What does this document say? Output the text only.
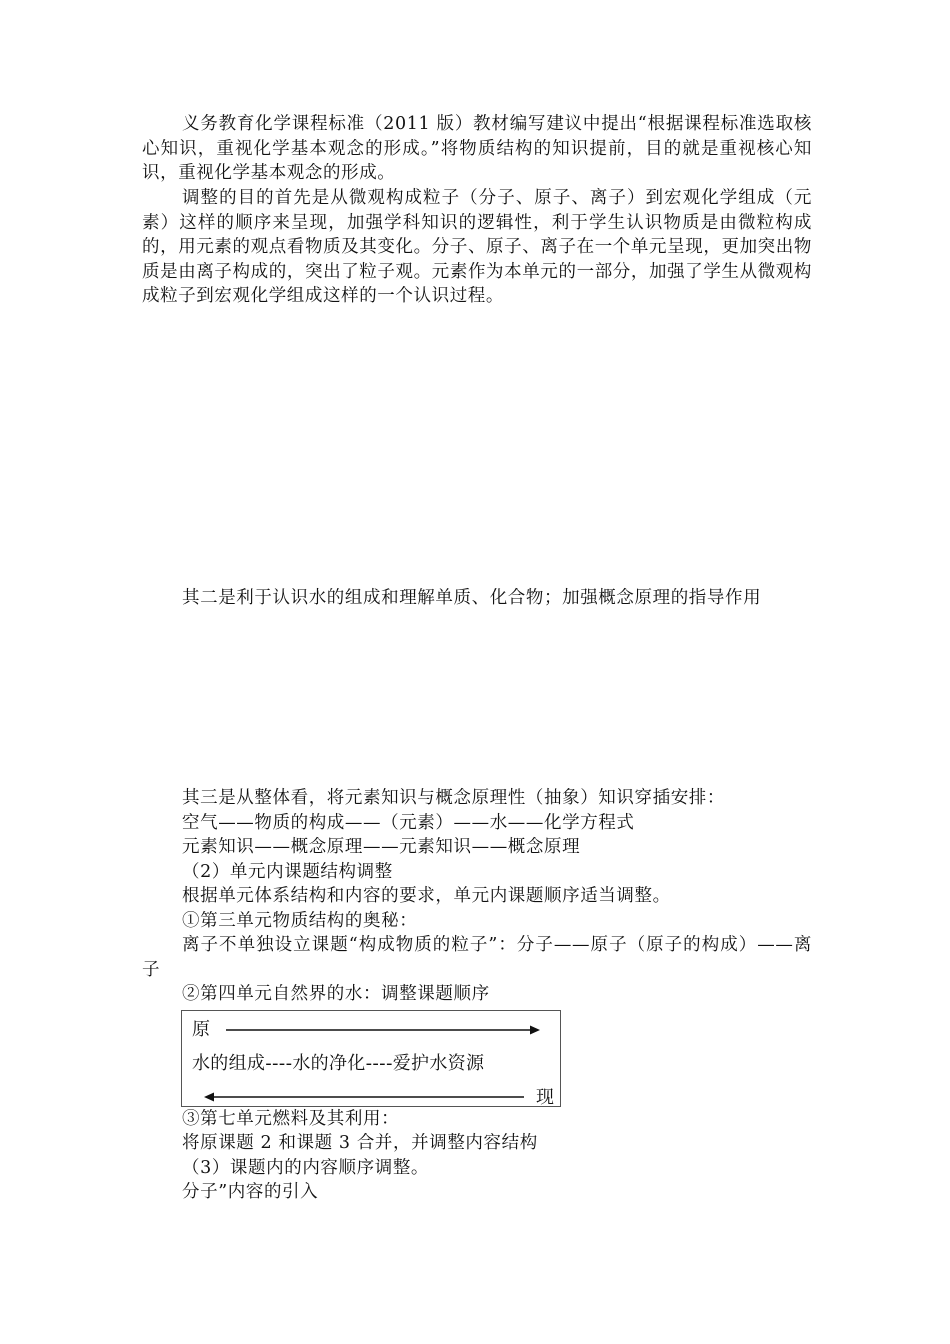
义务教育化学课程标准（2011 版）教材编写建议中提出“根据课程标准选取核心知识，重视化学基本观念的形成。”将物质结构的知识提前，目的就是重视核心知识，重视化学基本观念的形成。

调整的目的首先是从微观构成粒子（分子、原子、离子）到宏观化学组成（元素）这样的顺序来呈现，加强学科知识的逻辑性，利于学生认识物质是由微粒构成的，用元素的观点看物质及其变化。分子、原子、离子在一个单元呈现，更加突出物质是由离子构成的，突出了粒子观。元素作为本单元的一部分，加强了学生从微观构成粒子到宏观化学组成这样的一个认识过程。

其二是利于认识水的组成和理解单质、化合物；加强概念原理的指导作用

其三是从整体看，将元素知识与概念原理性（抽象）知识穿插安排：

空气——物质的构成——（元素）——水——化学方程式

元素知识——概念原理——元素知识——概念原理

（2）单元内课题结构调整

根据单元体系结构和内容的要求，单元内课题顺序适当调整。

①第三单元物质结构的奥秘：

离子不单独设立课题“构成物质的粒子”：分子——原子（原子的构成）——离子

②第四单元自然界的水：调整课题顺序

③第七单元燃料及其利用：

将原课题 2 和课题 3 合并，并调整内容结构

（3）课题内的内容顺序调整。

分子”内容的引入

原
水的组成----水的净化----爱护水资源
现
